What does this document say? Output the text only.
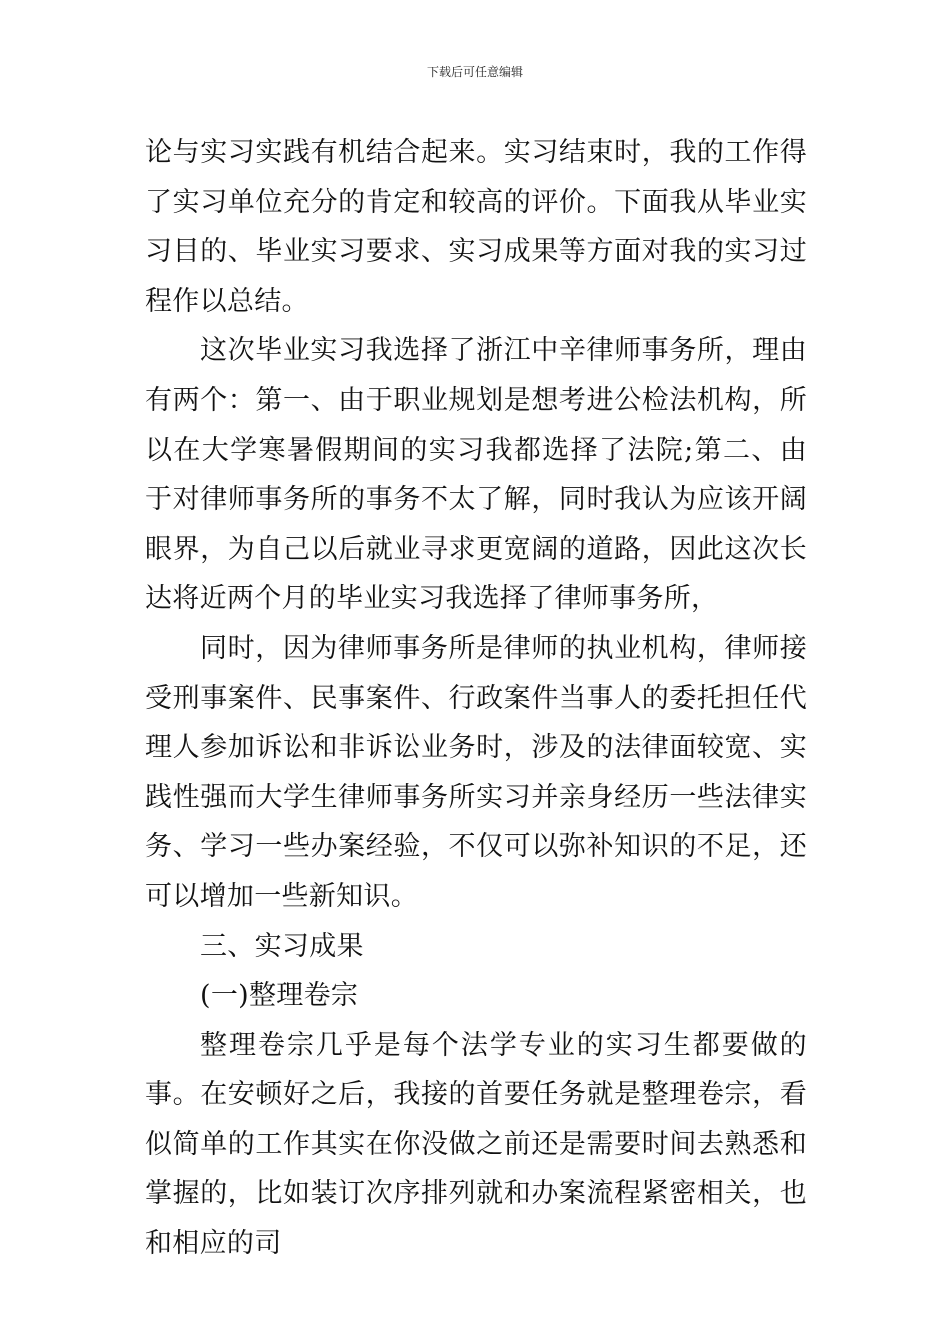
下载后可任意编辑

论与实习实践有机结合起来。实习结束时，我的工作得了实习单位充分的肯定和较高的评价。下面我从毕业实习目的、毕业实习要求、实习成果等方面对我的实习过程作以总结。

这次毕业实习我选择了浙江中辛律师事务所，理由有两个：第一、由于职业规划是想考进公检法机构，所以在大学寒暑假期间的实习我都选择了法院;第二、由于对律师事务所的事务不太了解，同时我认为应该开阔眼界，为自己以后就业寻求更宽阔的道路，因此这次长达将近两个月的毕业实习我选择了律师事务所，

同时，因为律师事务所是律师的执业机构，律师接受刑事案件、民事案件、行政案件当事人的委托担任代理人参加诉讼和非诉讼业务时，涉及的法律面较宽、实践性强而大学生律师事务所实习并亲身经历一些法律实务、学习一些办案经验，不仅可以弥补知识的不足，还可以增加一些新知识。

三、实习成果

(一)整理卷宗

整理卷宗几乎是每个法学专业的实习生都要做的事。在安顿好之后，我接的首要任务就是整理卷宗，看似简单的工作其实在你没做之前还是需要时间去熟悉和掌握的，比如装订次序排列就和办案流程紧密相关，也和相应的司
